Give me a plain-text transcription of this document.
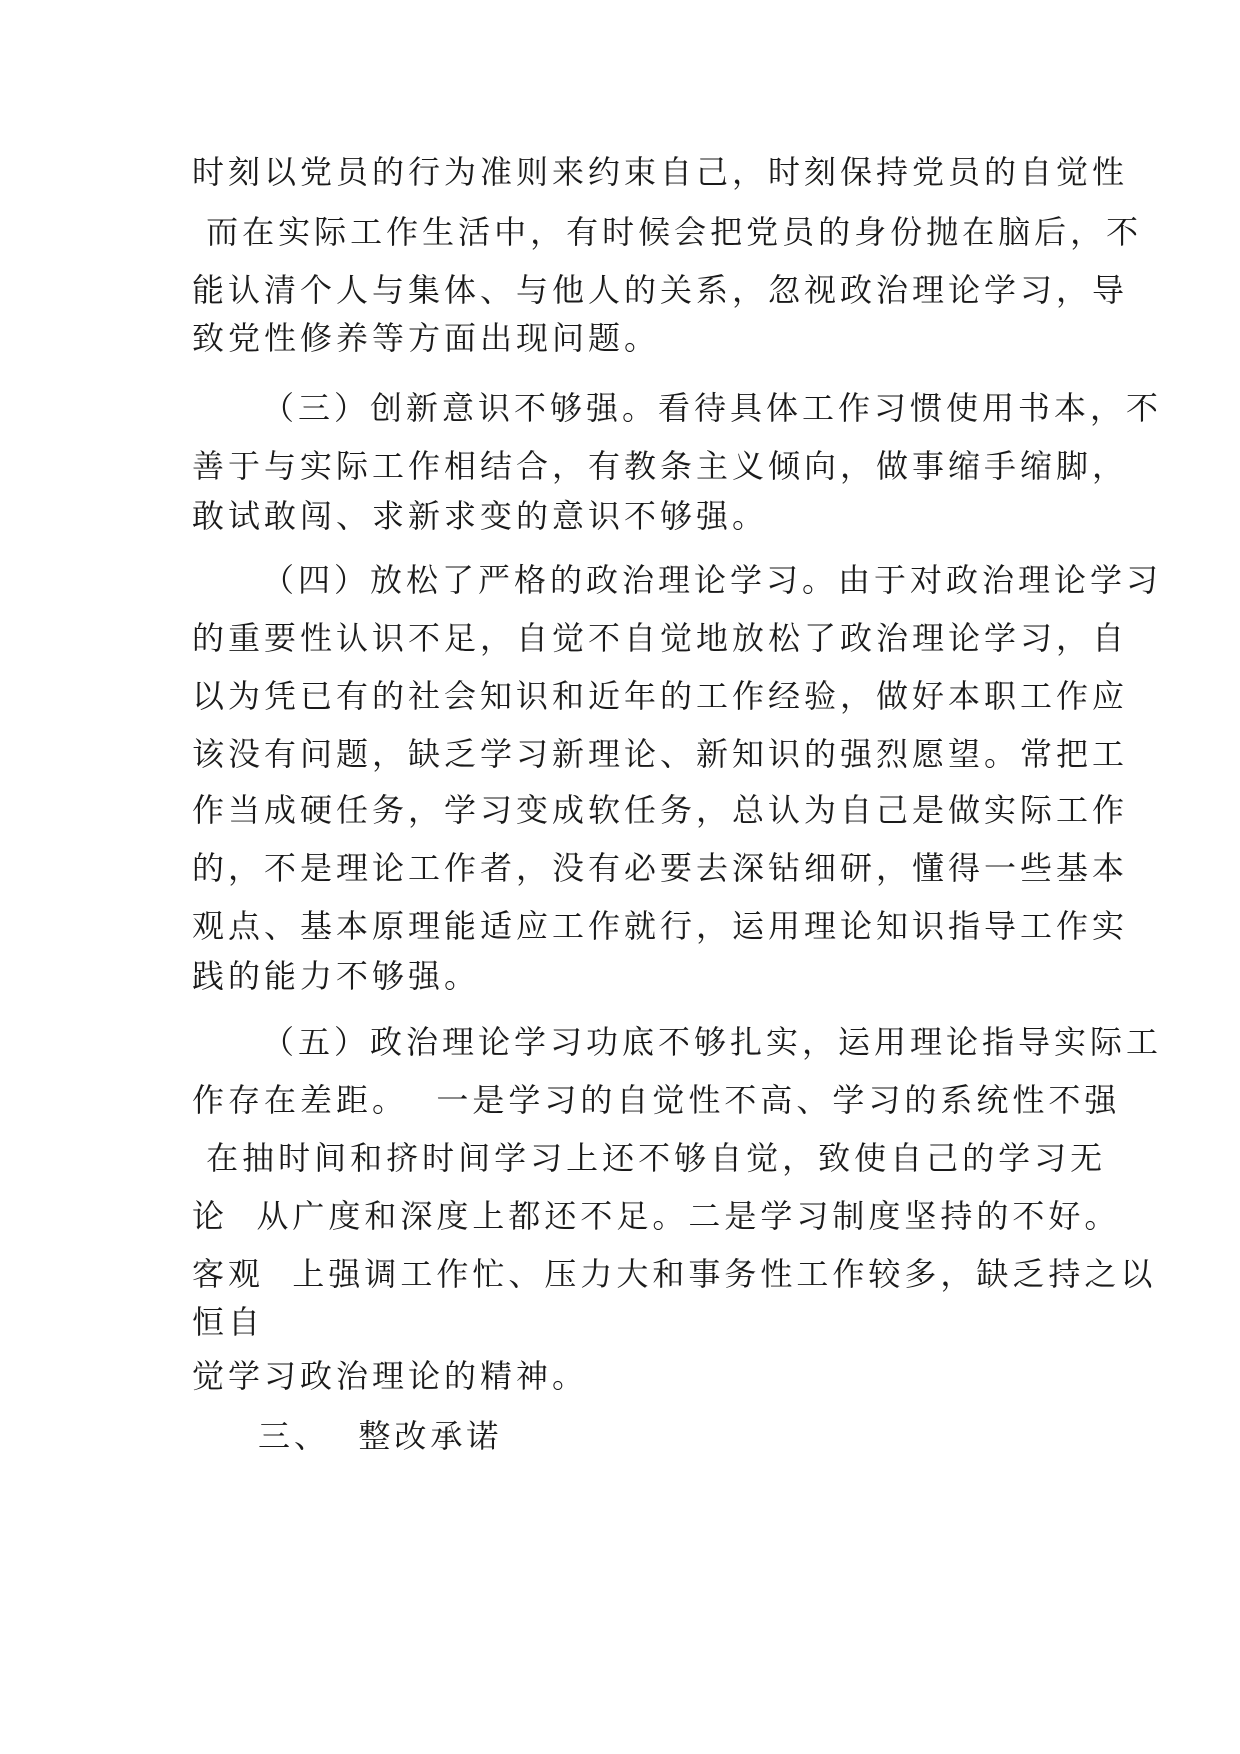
时刻以党员的行为准则来约束自己，时刻保持党员的自觉性
而在实际工作生活中，有时候会把党员的身份抛在脑后，不
能认清个人与集体、与他人的关系，忽视政治理论学习，导
致党性修养等方面出现问题。
（三）创新意识不够强。看待具体工作习惯使用书本，不
善于与实际工作相结合，有教条主义倾向，做事缩手缩脚，
敢试敢闯、求新求变的意识不够强。
（四）放松了严格的政治理论学习。由于对政治理论学习
的重要性认识不足，自觉不自觉地放松了政治理论学习，自
以为凭已有的社会知识和近年的工作经验，做好本职工作应
该没有问题，缺乏学习新理论、新知识的强烈愿望。常把工
作当成硬任务，学习变成软任务，总认为自己是做实际工作
的，不是理论工作者，没有必要去深钻细研，懂得一些基本
观点、基本原理能适应工作就行，运用理论知识指导工作实
践的能力不够强。
（五）政治理论学习功底不够扎实，运用理论指导实际工
作存在差距。  一是学习的自觉性不高、学习的系统性不强
在抽时间和挤时间学习上还不够自觉，致使自己的学习无
论  从广度和深度上都还不足。二是学习制度坚持的不好。
客观  上强调工作忙、压力大和事务性工作较多，缺乏持之以
恒自
觉学习政治理论的精神。
三、  整改承诺
